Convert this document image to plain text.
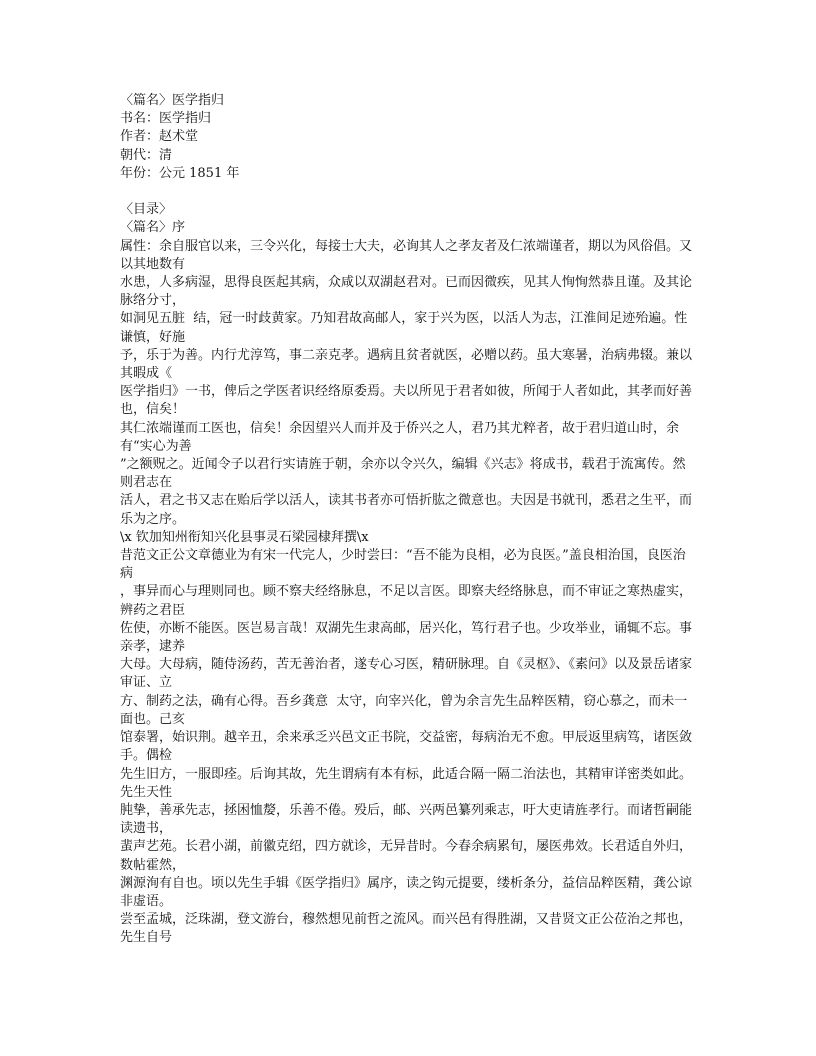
〈篇名〉医学指归
书名：医学指归
作者：赵术堂
朝代：清
年份：公元 1851 年
〈目录〉
〈篇名〉序
属性：余自服官以来，三令兴化，每接士大夫，必询其人之孝友者及仁浓端谨者，期以为风俗倡。又以其地数有
水患，人多病湿，思得良医起其病，众咸以双湖赵君对。已而因微疾，见其人恂恂然恭且谨。及其论脉络分寸，
如洞见五脏  结，冠一时歧黄家。乃知君故高邮人，家于兴为医，以活人为志，江淮间足迹殆遍。性谦慎，好施
予，乐于为善。内行尤淳笃，事二亲克孝。遇病且贫者就医，必赠以药。虽大寒暑，治病弗辍。兼以其暇成《
医学指归》一书，俾后之学医者识经络原委焉。夫以所见于君者如彼，所闻于人者如此，其孝而好善也，信矣！
其仁浓端谨而工医也，信矣！余因望兴人而并及于侨兴之人，君乃其尤粹者，故于君归道山时，余有“实心为善
”之额贶之。近闻令子以君行实请旌于朝，余亦以令兴久，编辑《兴志》将成书，载君于流寓传。然则君志在
活人，君之书又志在贻后学以活人，读其书者亦可悟折肱之微意也。夫因是书就刊，悉君之生平，而乐为之序。
\x 钦加知州衔知兴化县事灵石梁园棣拜撰\x
昔范文正公文章德业为有宋一代完人，少时尝曰：“吾不能为良相，必为良医。”盖良相治国，良医治病
，事异而心与理则同也。顾不察夫经络脉息，不足以言医。即察夫经络脉息，而不审证之寒热虚实，辨药之君臣
佐使，亦断不能医。医岂易言哉！双湖先生隶高邮，居兴化，笃行君子也。少攻举业，诵辄不忘。事亲孝，逮养
大母。大母病，随侍汤药，苦无善治者，遂专心习医，精研脉理。自《灵枢》、《素问》以及景岳诸家审证、立
方、制药之法，确有心得。吾乡龚意  太守，向宰兴化，曾为余言先生品粹医精，窃心慕之，而未一面也。己亥
馆泰署，始识荆。越辛丑，余来承乏兴邑文正书院，交益密，每病治无不愈。甲辰返里病笃，诸医敛手。偶检
先生旧方，一服即痊。后询其故，先生谓病有本有标，此适合隔一隔二治法也，其精审详密类如此。先生天性
肫挚，善承先志，拯困恤嫠，乐善不倦。殁后，邮、兴两邑纂列乘志，吁大吏请旌孝行。而诸哲嗣能读遗书，
蜚声艺苑。长君小湖，前徽克绍，四方就诊，无异昔时。今春余病累旬，屡医弗效。长君适自外归，数帖霍然，
渊源洵有自也。顷以先生手辑《医学指归》属序，读之钩元提要，缕析条分，益信品粹医精，龚公谅非虚语。
尝至孟城，泛珠湖，登文游台，穆然想见前哲之流风。而兴邑有得胜湖，又昔贤文正公莅治之邦也，先生自号
